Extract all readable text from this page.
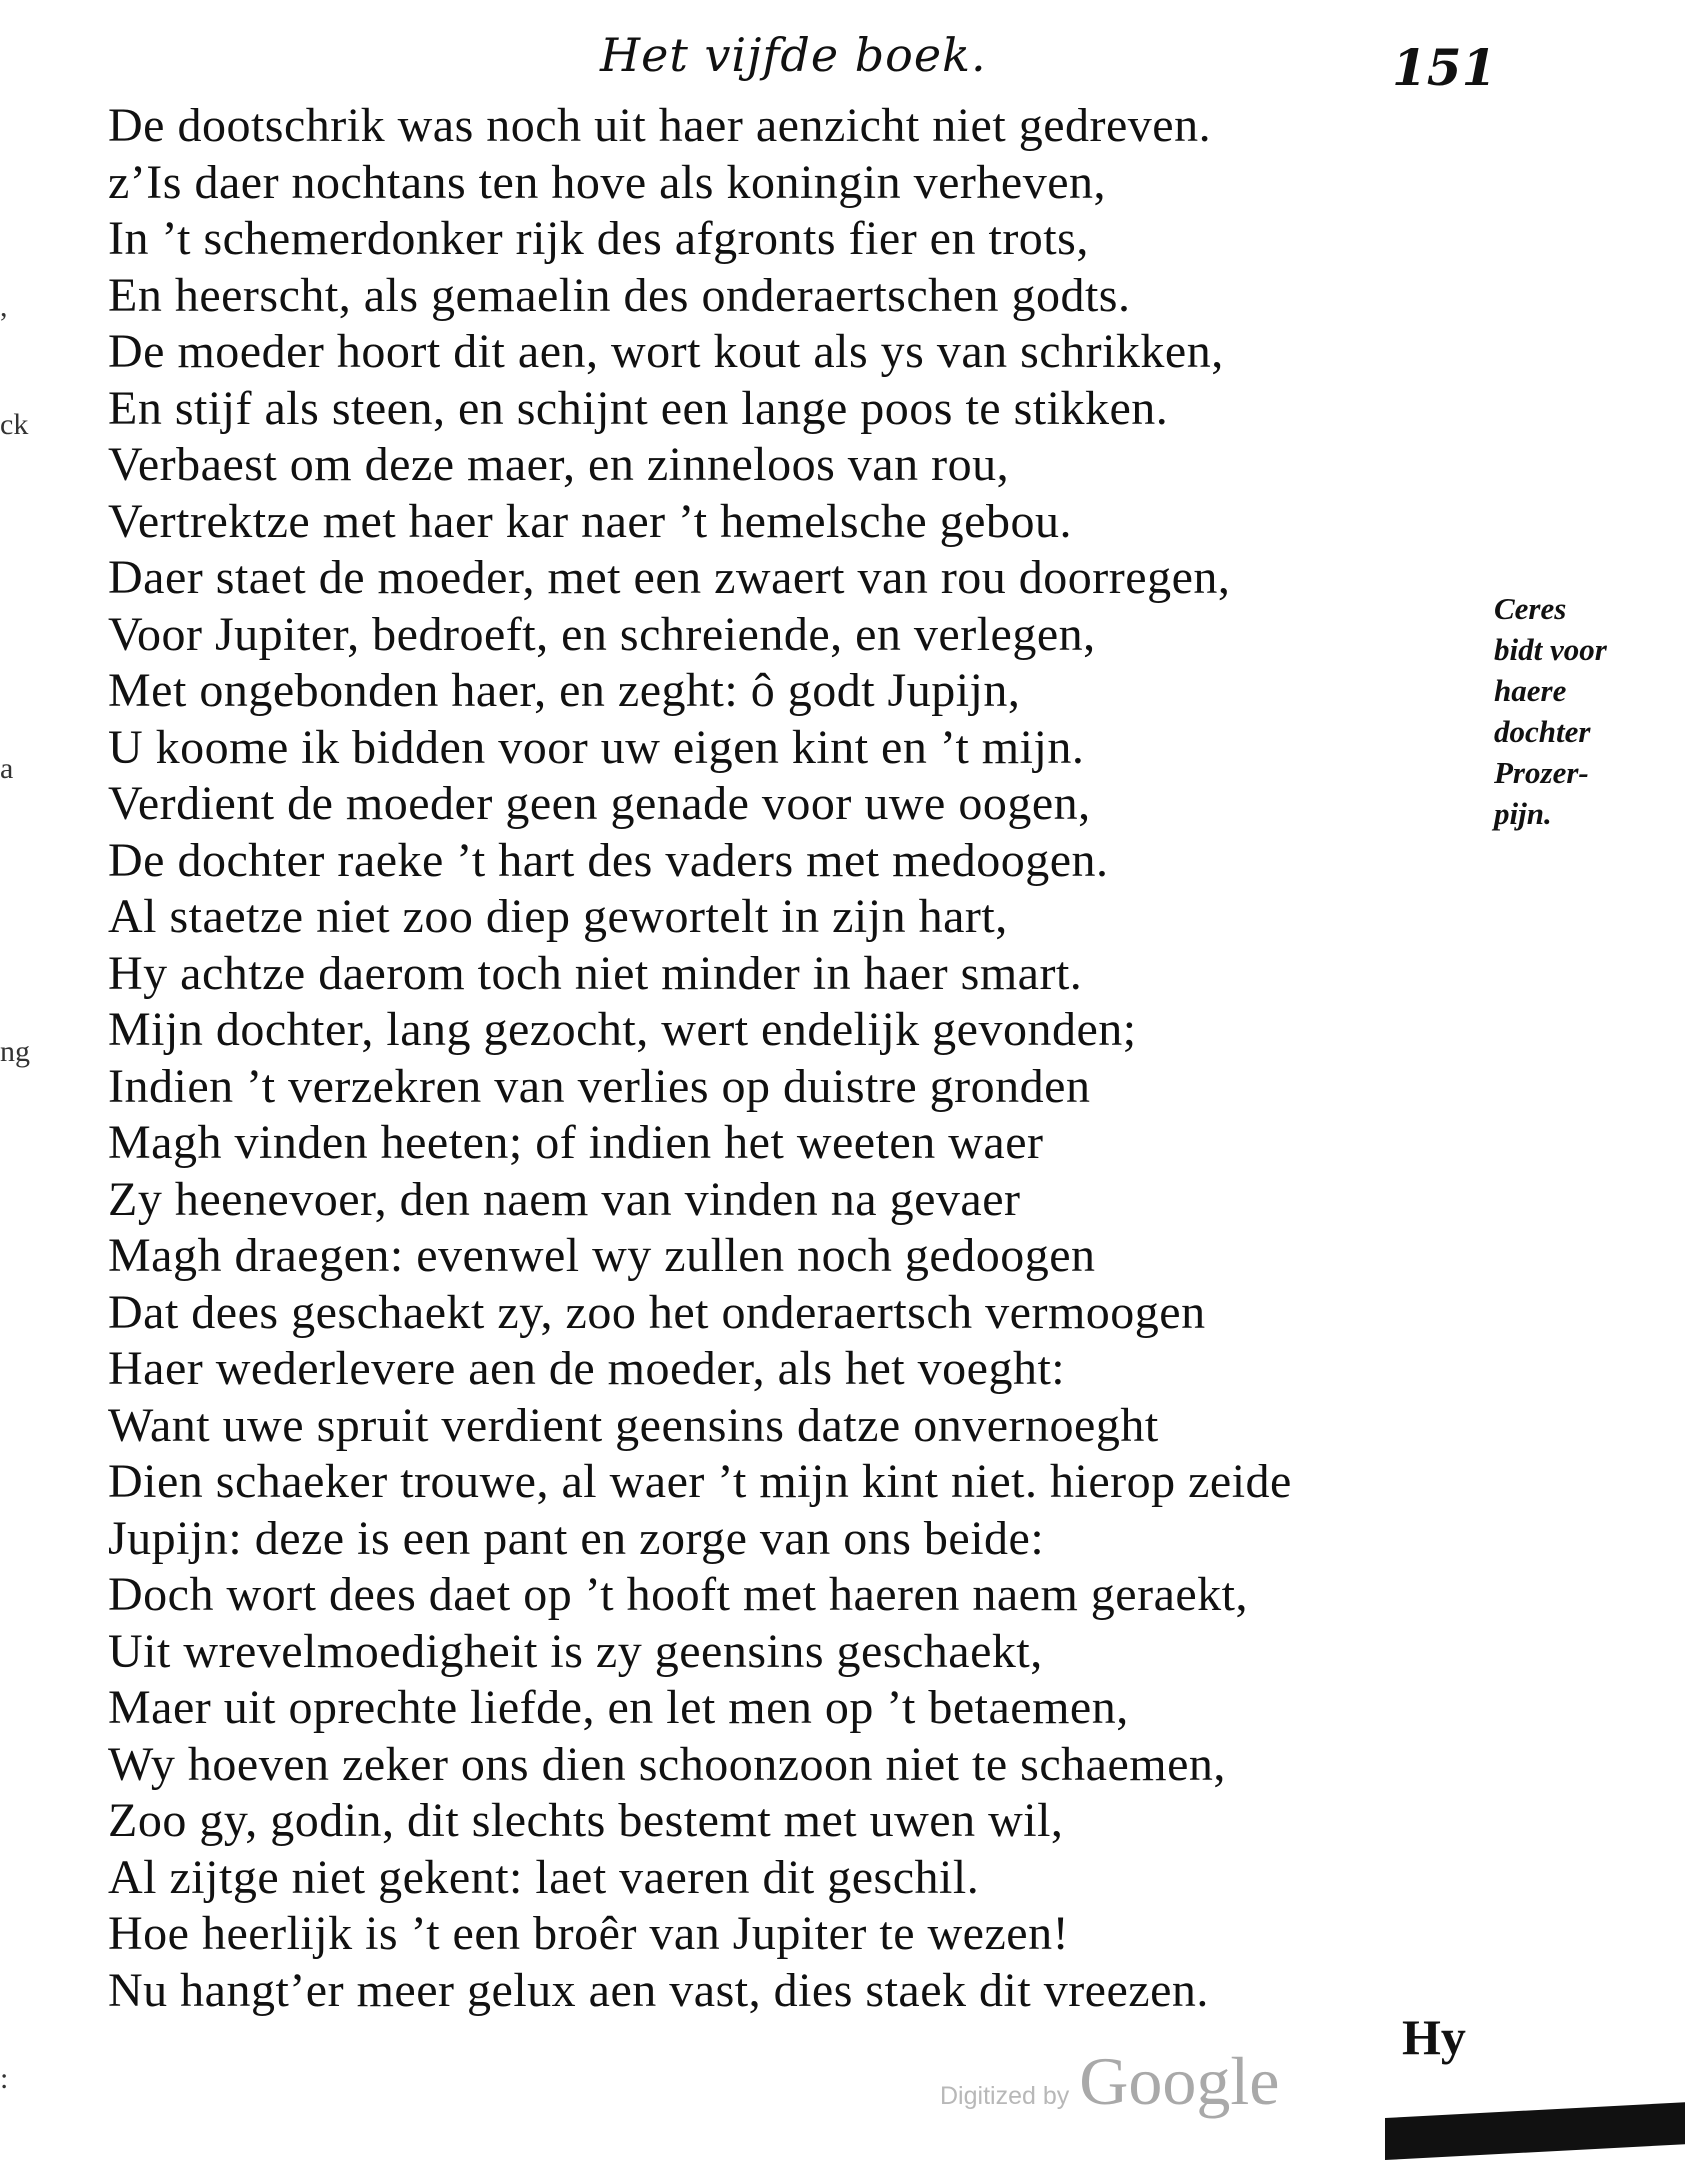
Het vijfde boek.	151
De dootschrik was noch uit haer aenzicht niet gedreven.
z’Is daer nochtans ten hove als koningin verheven,
In ’t schemerdonker rijk des afgronts fier en trots,
En heerscht, als gemaelin des onderaertschen godts.
De moeder hoort dit aen, wort kout als ys van schrikken,
En stijf als steen, en schijnt een lange poos te stikken.
Verbaest om deze maer, en zinneloos van rou,
Vertrektze met haer kar naer ’t hemelsche gebou.
Daer staet de moeder, met een zwaert van rou doorregen,
Voor Jupiter, bedroeft, en schreiende, en verlegen,
Met ongebonden haer, en zeght: ô godt Jupijn,
U koome ik bidden voor uw eigen kint en ’t mijn.
Verdient de moeder geen genade voor uwe oogen,
De dochter raeke ’t hart des vaders met medoogen.
Al staetze niet zoo diep gewortelt in zijn hart,
Hy achtze daerom toch niet minder in haer smart.
Mijn dochter, lang gezocht, wert endelijk gevonden;
Indien ’t verzekren van verlies op duistre gronden
Magh vinden heeten; of indien het weeten waer
Zy heenevoer, den naem van vinden na gevaer
Magh draegen: evenwel wy zullen noch gedoogen
Dat dees geschaekt zy, zoo het onderaertsch vermoogen
Haer wederlevere aen de moeder, als het voeght:
Want uwe spruit verdient geensins datze onvernoeght
Dien schaeker trouwe, al waer ’t mijn kint niet. hierop zeide
Jupijn: deze is een pant en zorge van ons beide:
Doch wort dees daet op ’t hooft met haeren naem geraekt,
Uit wrevelmoedigheit is zy geensins geschaekt,
Maer uit oprechte liefde, en let men op ’t betaemen,
Wy hoeven zeker ons dien schoonzoon niet te schaemen,
Zoo gy, godin, dit slechts bestemt met uwen wil,
Al zijtge niet gekent: laet vaeren dit geschil.
Hoe heerlijk is ’t een broêr van Jupiter te wezen!
Nu hangt’er meer gelux aen vast, dies staek dit vreezen.
Ceres
bidt voor
haere
dochter
Prozer-
pijn.
Hy
,
ck
a
ng
:
Digitized by Google
